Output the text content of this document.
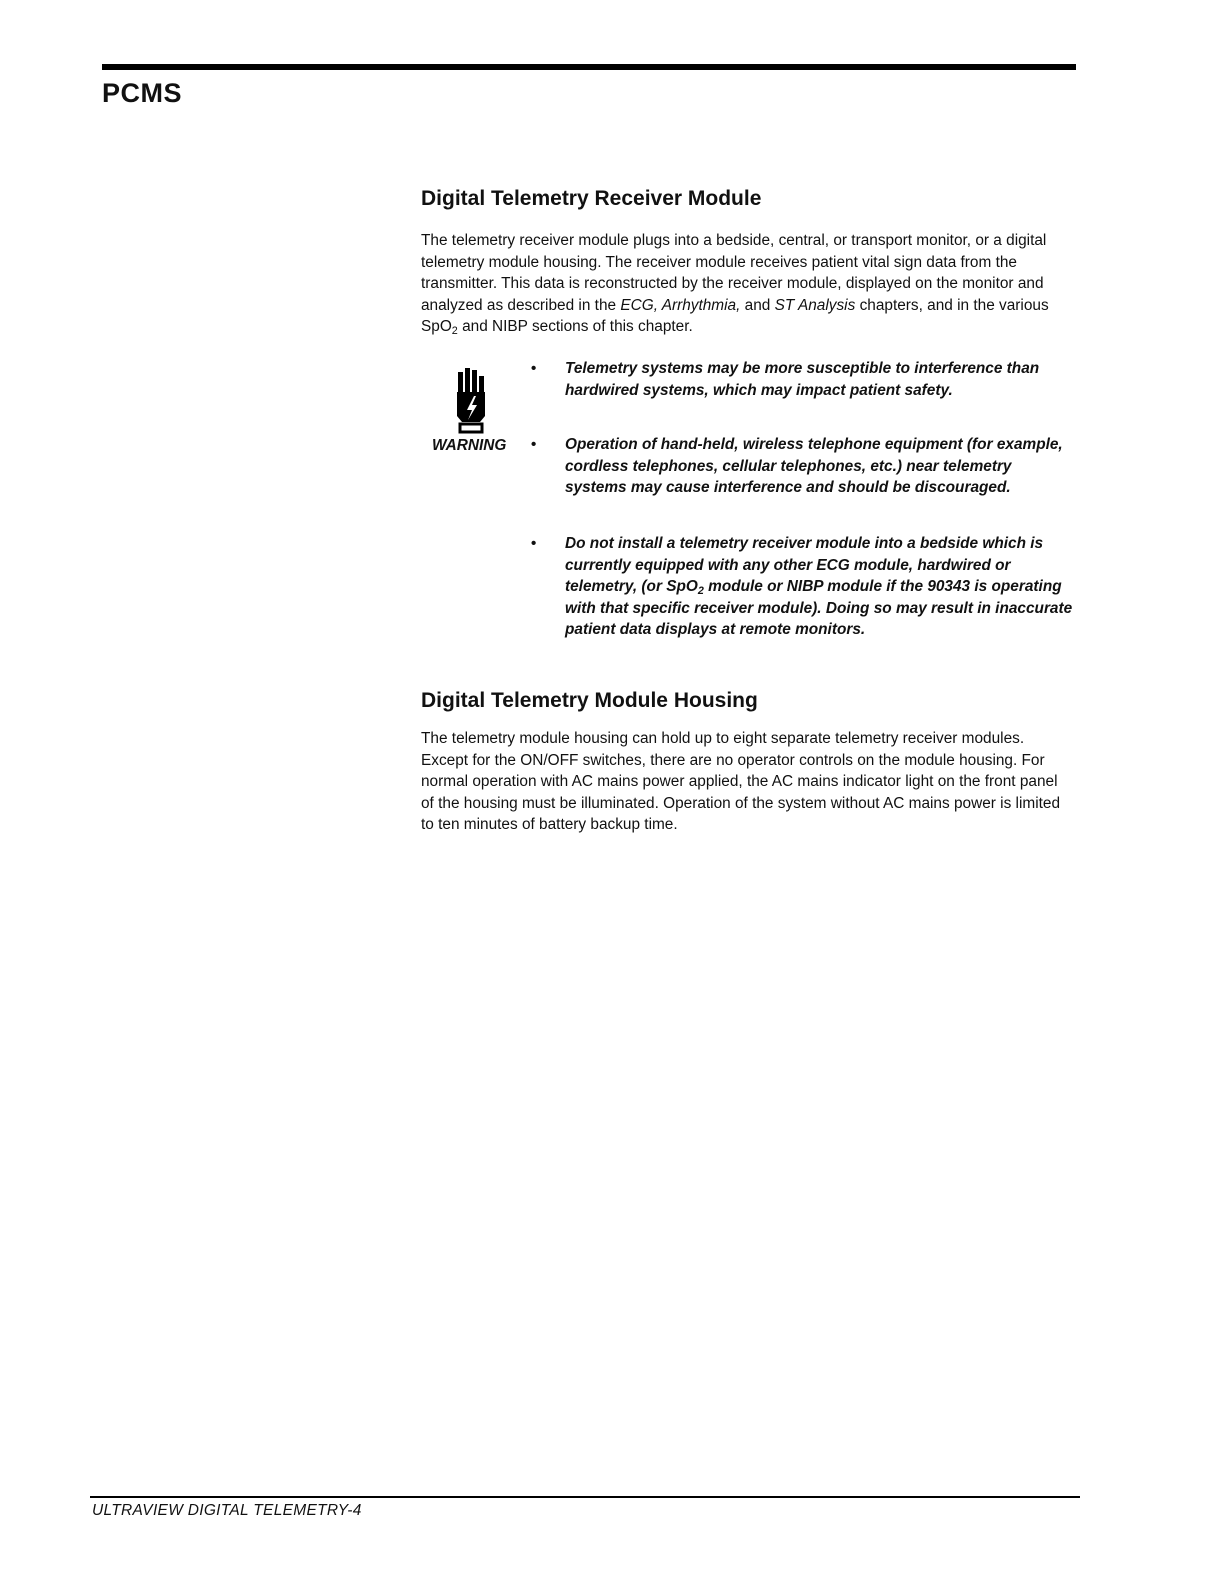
PCMS
Digital Telemetry Receiver Module

The telemetry receiver module plugs into a bedside, central, or transport monitor, or a digital telemetry module housing. The receiver module receives patient vital sign data from the transmitter. This data is reconstructed by the receiver module, displayed on the monitor and analyzed as described in the ECG, Arrhythmia, and ST Analysis chapters, and in the various SpO$_2$ and NIBP sections of this chapter.

WARNING
• Telemetry systems may be more susceptible to interference than hardwired systems, which may impact patient safety.

• Operation of hand-held, wireless telephone equipment (for example, cordless telephones, cellular telephones, etc.) near telemetry systems may cause interference and should be discouraged.

• Do not install a telemetry receiver module into a bedside which is currently equipped with any other ECG module, hardwired or telemetry, (or SpO$_2$ module or NIBP module if the 90343 is operating with that specific receiver module). Doing so may result in inaccurate patient data displays at remote monitors.

Digital Telemetry Module Housing

The telemetry module housing can hold up to eight separate telemetry receiver modules. Except for the ON/OFF switches, there are no operator controls on the module housing. For normal operation with AC mains power applied, the AC mains indicator light on the front panel of the housing must be illuminated. Operation of the system without AC mains power is limited to ten minutes of battery backup time.

ULTRAVIEW DIGITAL TELEMETRY-4
